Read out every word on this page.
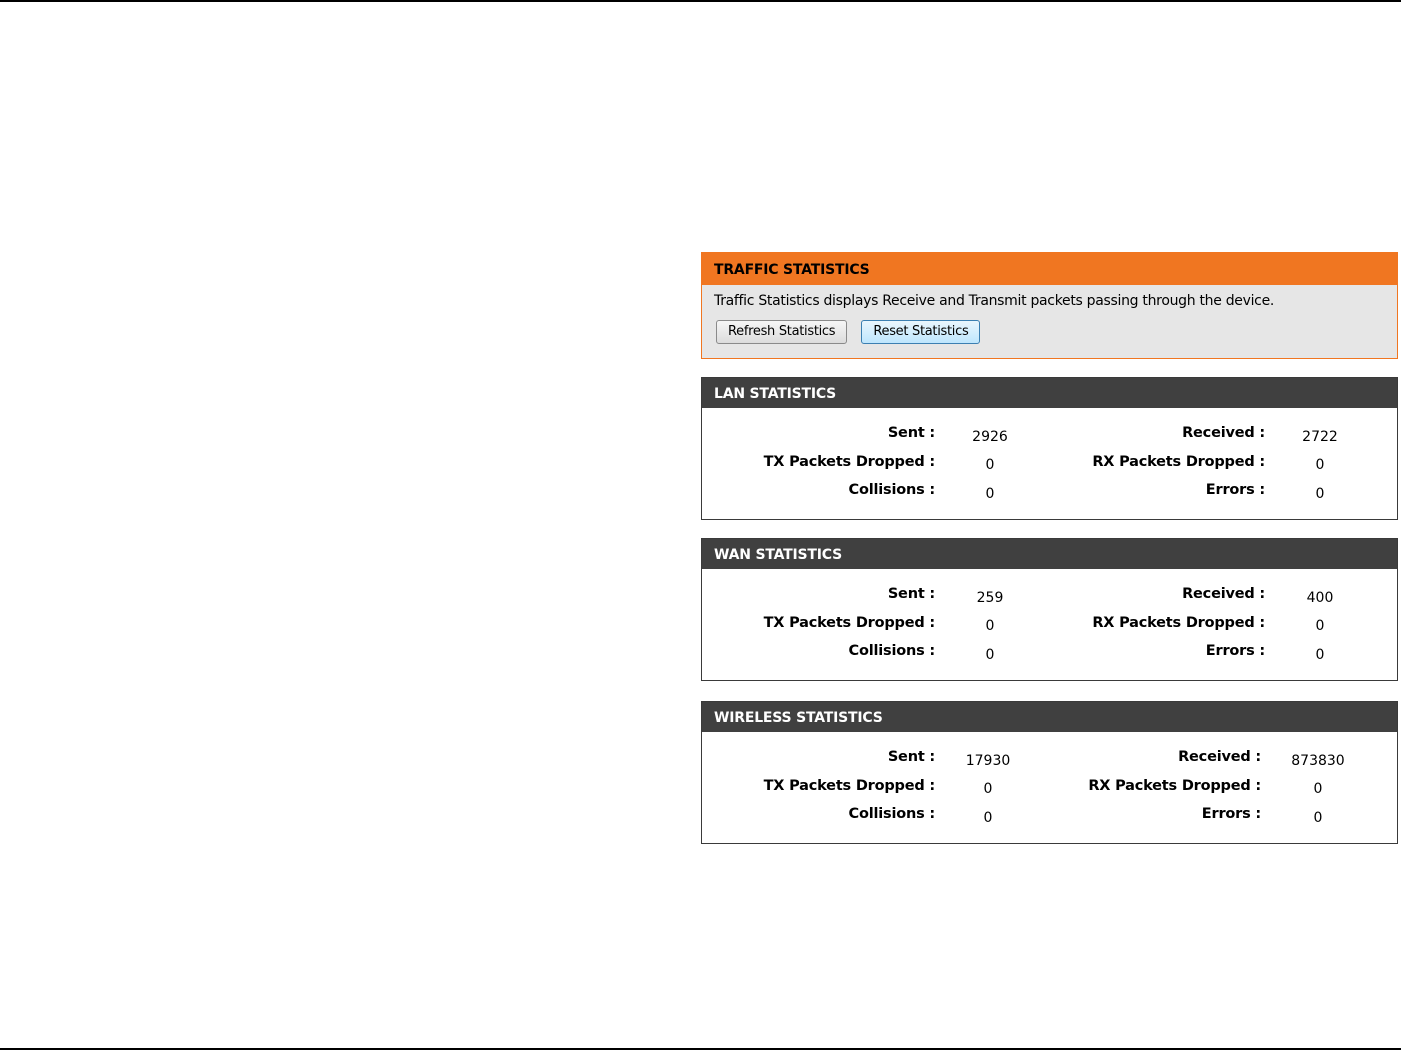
TRAFFIC STATISTICS
Traffic Statistics displays Receive and Transmit packets passing through the device.
Refresh Statistics	Reset Statistics
LAN STATISTICS
Sent :	2926	Received :	2722
TX Packets Dropped :	0	RX Packets Dropped :	0
Collisions :	0	Errors :	0
WAN STATISTICS
Sent :	259	Received :	400
TX Packets Dropped :	0	RX Packets Dropped :	0
Collisions :	0	Errors :	0
WIRELESS STATISTICS
Sent :	17930	Received :	873830
TX Packets Dropped :	0	RX Packets Dropped :	0
Collisions :	0	Errors :	0
